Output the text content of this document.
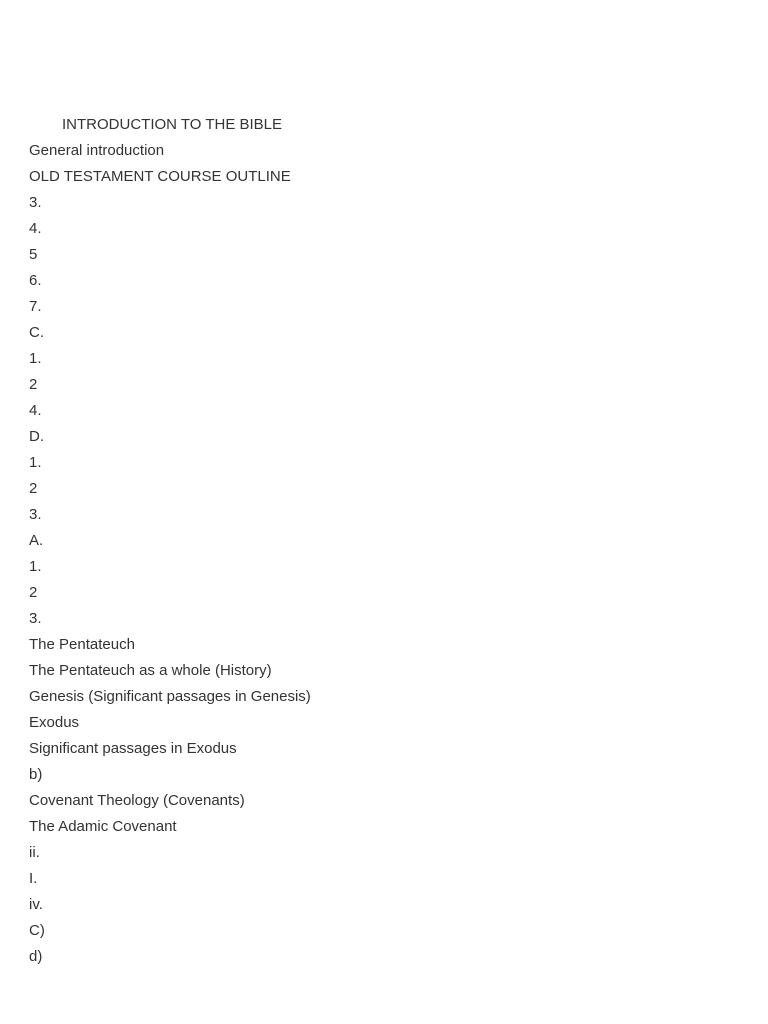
INTRODUCTION TO THE BIBLE
General introduction
OLD TESTAMENT COURSE OUTLINE
3.
4.
5
6.
7.
C.
1.
2
4.
D.
1.
2
3.
A.
1.
2
3.
The Pentateuch
The Pentateuch as a whole (History)
Genesis (Significant passages in Genesis)
Exodus
Significant passages in Exodus
b)
Covenant Theology (Covenants)
The Adamic Covenant
ii.
I.
iv.
C)
d)
